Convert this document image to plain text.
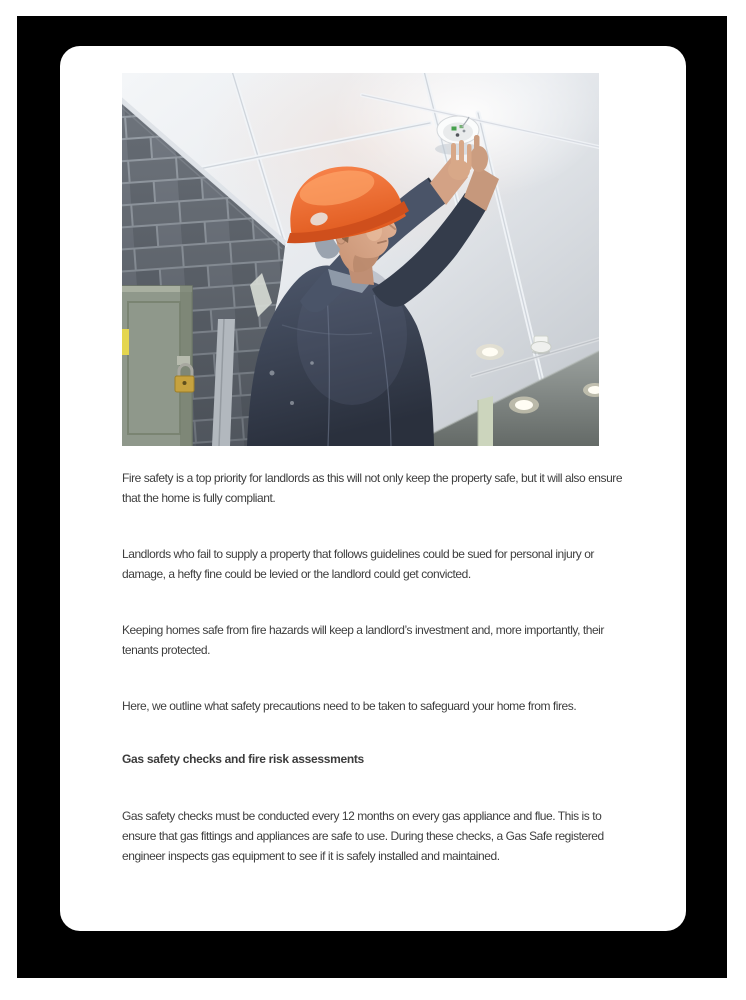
Fire safety is a top priority for landlords as this will not only keep the property safe, but it will also ensure that the home is fully compliant.

Landlords who fail to supply a property that follows guidelines could be sued for personal injury or damage, a hefty fine could be levied or the landlord could get convicted.

Keeping homes safe from fire hazards will keep a landlord’s investment and, more importantly, their tenants protected.

Here, we outline what safety precautions need to be taken to safeguard your home from fires.

Gas safety checks and fire risk assessments

Gas safety checks must be conducted every 12 months on every gas appliance and flue. This is to ensure that gas fittings and appliances are safe to use. During these checks, a Gas Safe registered engineer inspects gas equipment to see if it is safely installed and maintained.
